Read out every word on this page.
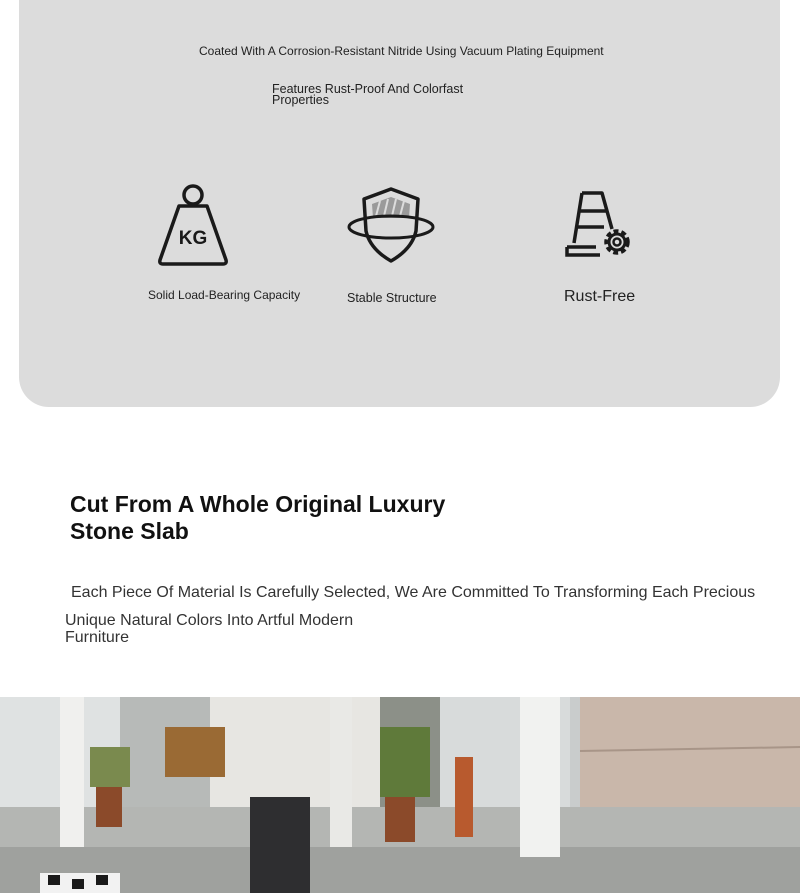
Coated With A Corrosion-Resistant Nitride Using Vacuum Plating Equipment
Features Rust-Proof And Colorfast Properties
KG
Solid Load-Bearing Capacity	Stable Structure	Rust-Free
Cut From A Whole Original Luxury Stone Slab
Each Piece Of Material Is Carefully Selected, We Are Committed To Transforming Each Precious
Unique Natural Colors Into Artful Modern Furniture
